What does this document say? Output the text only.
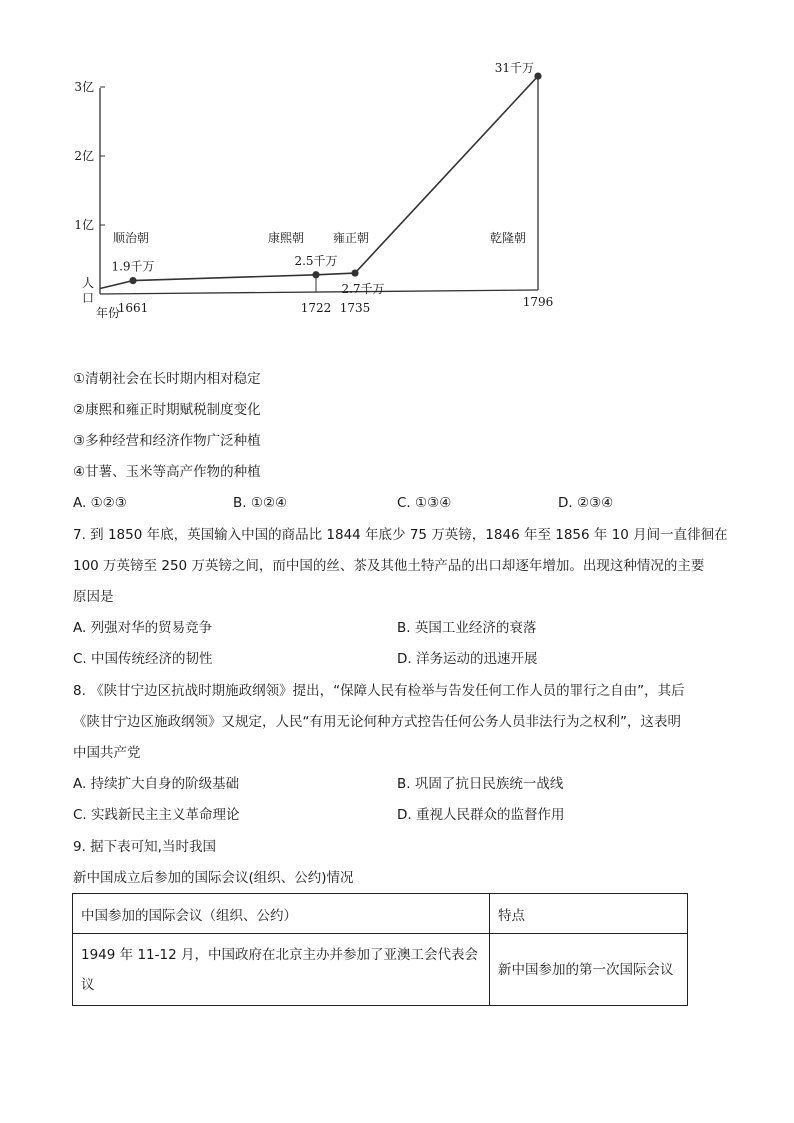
1亿
2亿
3亿
人
口
年份
1661	1722 1735	1796
1.9千万	2.5千万
2.7千万
31千万
顺治朝	康熙朝 雍正朝	乾隆朝
①清朝社会在长时期内相对稳定
②康熙和雍正时期赋税制度变化
③多种经营和经济作物广泛种植
④甘薯、玉米等高产作物的种植
A. ①②③	B. ①②④	C. ①③④	D. ②③④
7. 到 1850 年底，英国输入中国的商品比 1844 年底少 75 万英镑，1846 年至 1856 年 10 月间一直徘徊在
100 万英镑至 250 万英镑之间，而中国的丝、茶及其他土特产品的出口却逐年增加。出现这种情况的主要
原因是
A. 列强对华的贸易竞争	B. 英国工业经济的衰落
C. 中国传统经济的韧性	D. 洋务运动的迅速开展
8. 《陕甘宁边区抗战时期施政纲领》提出，“保障人民有检举与告发任何工作人员的罪行之自由”，其后
《陕甘宁边区施政纲领》又规定，人民“有用无论何种方式控告任何公务人员非法行为之权利”，这表明
中国共产党
A. 持续扩大自身的阶级基础	B. 巩固了抗日民族统一战线
C. 实践新民主主义革命理论	D. 重视人民群众的监督作用
9. 据下表可知,当时我国
新中国成立后参加的国际会议(组织、公约)情况
中国参加的国际会议（组织、公约）	特点
1949 年 11-12 月，中国政府在北京主办并参加了亚澳工会代表会议	新中国参加的第一次国际会议
